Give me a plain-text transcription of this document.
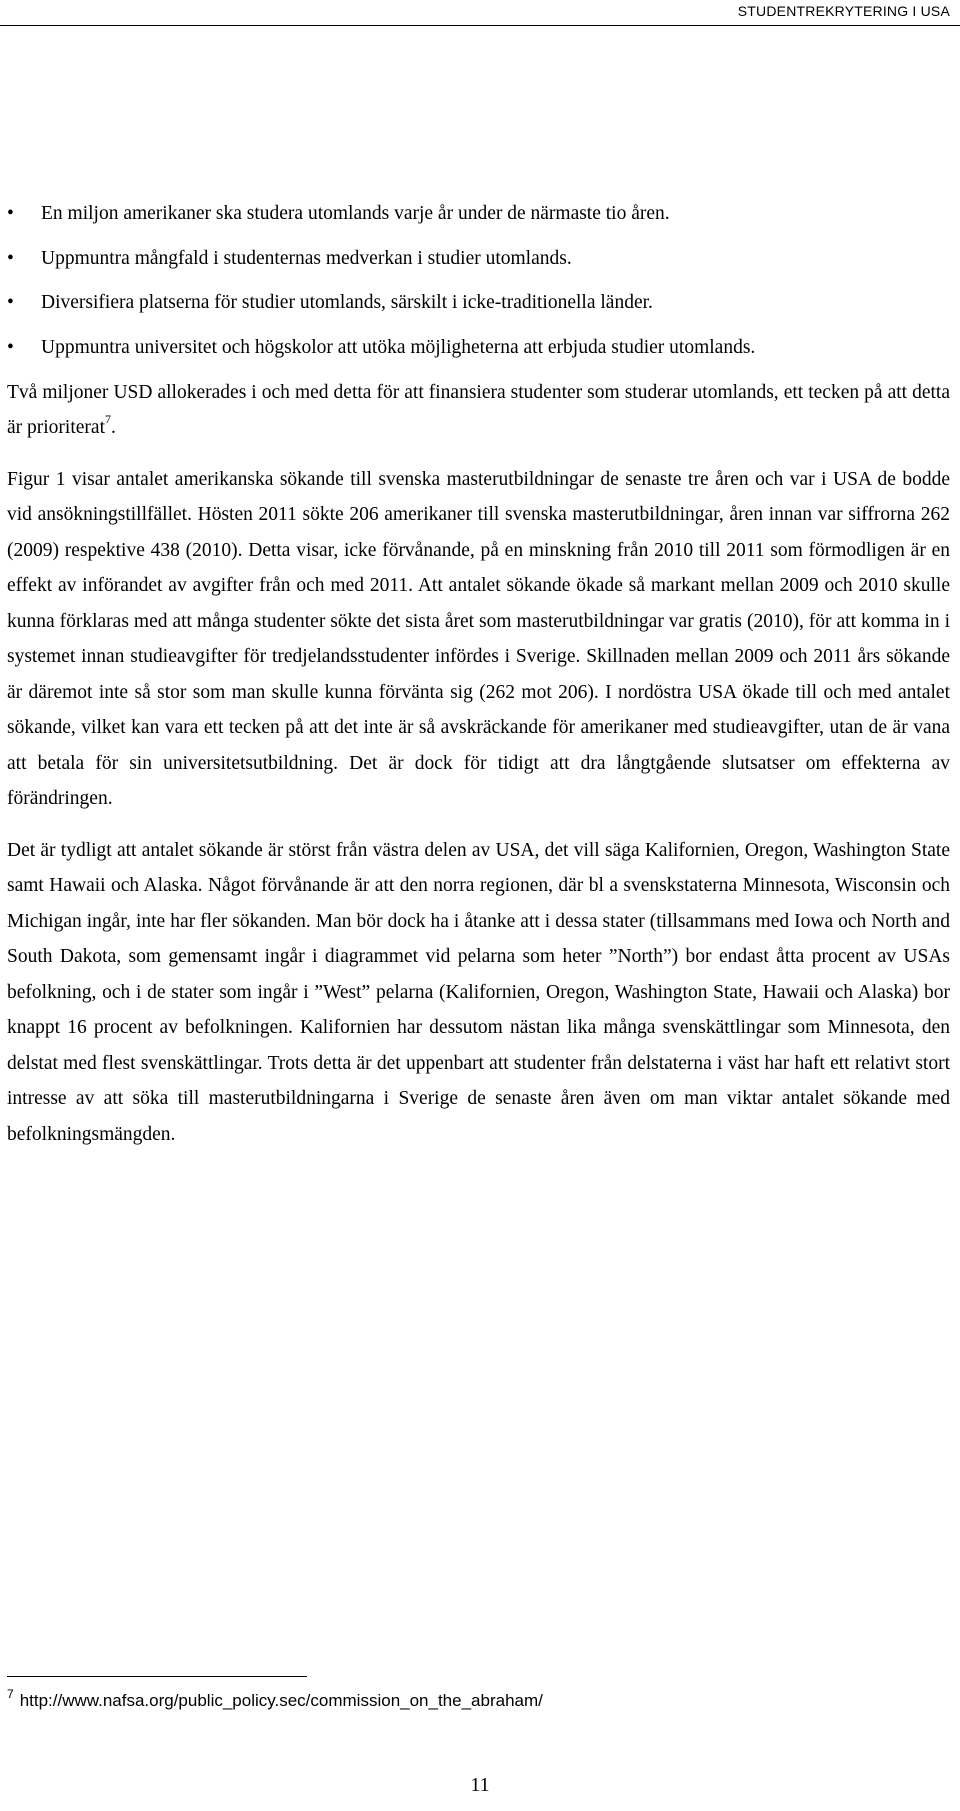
STUDENTREKRYTERING I USA
•	En miljon amerikaner ska studera utomlands varje år under de närmaste tio åren.
•	Uppmuntra mångfald i studenternas medverkan i studier utomlands.
•	Diversifiera platserna för studier utomlands, särskilt i icke-traditionella länder.
•	Uppmuntra universitet och högskolor att utöka möjligheterna att erbjuda studier utomlands.

Två miljoner USD allokerades i och med detta för att finansiera studenter som studerar utomlands, ett tecken på att detta är prioriterat$^7$.

Figur 1 visar antalet amerikanska sökande till svenska masterutbildningar de senaste tre åren och var i USA de bodde vid ansökningstillfället. Hösten 2011 sökte 206 amerikaner till svenska masterutbildningar, åren innan var siffrorna 262 (2009) respektive 438 (2010). Detta visar, icke förvånande, på en minskning från 2010 till 2011 som förmodligen är en effekt av införandet av avgifter från och med 2011. Att antalet sökande ökade så markant mellan 2009 och 2010 skulle kunna förklaras med att många studenter sökte det sista året som masterutbildningar var gratis (2010), för att komma in i systemet innan studieavgifter för tredjelandsstudenter infördes i Sverige. Skillnaden mellan 2009 och 2011 års sökande är däremot inte så stor som man skulle kunna förvänta sig (262 mot 206). I nordöstra USA ökade till och med antalet sökande, vilket kan vara ett tecken på att det inte är så avskräckande för amerikaner med studieavgifter, utan de är vana att betala för sin universitetsutbildning. Det är dock för tidigt att dra långtgående slutsatser om effekterna av förändringen.

Det är tydligt att antalet sökande är störst från västra delen av USA, det vill säga Kalifornien, Oregon, Washington State samt Hawaii och Alaska. Något förvånande är att den norra regionen, där bl a svenskstaterna Minnesota, Wisconsin och Michigan ingår, inte har fler sökanden. Man bör dock ha i åtanke att i dessa stater (tillsammans med Iowa och North and South Dakota, som gemensamt ingår i diagrammet vid pelarna som heter ”North”) bor endast åtta procent av USAs befolkning, och i de stater som ingår i ”West” pelarna (Kalifornien, Oregon, Washington State, Hawaii och Alaska) bor knappt 16 procent av befolkningen. Kalifornien har dessutom nästan lika många svenskättlingar som Minnesota, den delstat med flest svenskättlingar. Trots detta är det uppenbart att studenter från delstaterna i väst har haft ett relativt stort intresse av att söka till masterutbildningarna i Sverige de senaste åren även om man viktar antalet sökande med befolkningsmängden.

$^7$ http://www.nafsa.org/public_policy.sec/commission_on_the_abraham/
11
